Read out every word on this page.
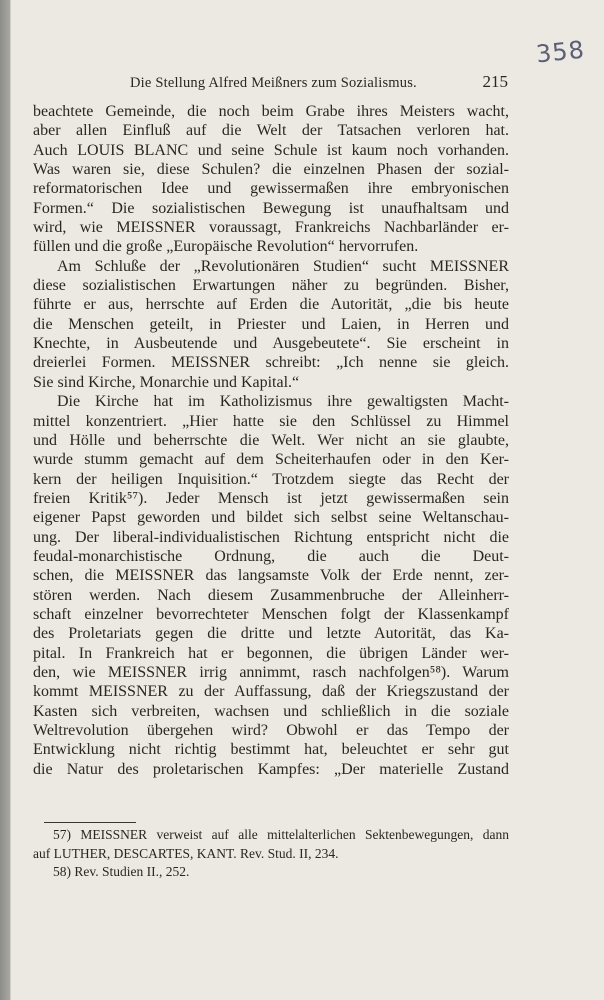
358
Die Stellung Alfred Meißners zum Sozialismus.	215
beachtete Gemeinde, die noch beim Grabe ihres Meisters wacht,
aber allen Einfluß auf die Welt der Tatsachen verloren hat.
Auch LOUIS BLANC und seine Schule ist kaum noch vorhanden.
Was waren sie, diese Schulen? die einzelnen Phasen der sozial-
reformatorischen Idee und gewissermaßen ihre embryonischen
Formen.“ Die sozialistischen Bewegung ist unaufhaltsam und
wird, wie MEISSNER voraussagt, Frankreichs Nachbarländer er-
füllen und die große „Europäische Revolution“ hervorrufen.
Am Schluße der „Revolutionären Studien“ sucht MEISSNER
diese sozialistischen Erwartungen näher zu begründen. Bisher,
führte er aus, herrschte auf Erden die Autorität, „die bis heute
die Menschen geteilt, in Priester und Laien, in Herren und
Knechte, in Ausbeutende und Ausgebeutete“. Sie erscheint in
dreierlei Formen. MEISSNER schreibt: „Ich nenne sie gleich.
Sie sind Kirche, Monarchie und Kapital.“
Die Kirche hat im Katholizismus ihre gewaltigsten Macht-
mittel konzentriert. „Hier hatte sie den Schlüssel zu Himmel
und Hölle und beherrschte die Welt. Wer nicht an sie glaubte,
wurde stumm gemacht auf dem Scheiterhaufen oder in den Ker-
kern der heiligen Inquisition.“ Trotzdem siegte das Recht der
freien Kritik⁵⁷). Jeder Mensch ist jetzt gewissermaßen sein
eigener Papst geworden und bildet sich selbst seine Weltanschau-
ung. Der liberal-individualistischen Richtung entspricht nicht die
feudal-monarchistische Ordnung, die auch die Deut-
schen, die MEISSNER das langsamste Volk der Erde nennt, zer-
stören werden. Nach diesem Zusammenbruche der Alleinherr-
schaft einzelner bevorrechteter Menschen folgt der Klassenkampf
des Proletariats gegen die dritte und letzte Autorität, das Ka-
pital. In Frankreich hat er begonnen, die übrigen Länder wer-
den, wie MEISSNER irrig annimmt, rasch nachfolgen⁵⁸). Warum
kommt MEISSNER zu der Auffassung, daß der Kriegszustand der
Kasten sich verbreiten, wachsen und schließlich in die soziale
Weltrevolution übergehen wird? Obwohl er das Tempo der
Entwicklung nicht richtig bestimmt hat, beleuchtet er sehr gut
die Natur des proletarischen Kampfes: „Der materielle Zustand
57) MEISSNER verweist auf alle mittelalterlichen Sektenbewegungen, dann
auf LUTHER, DESCARTES, KANT. Rev. Stud. II, 234.
58) Rev. Studien II., 252.
